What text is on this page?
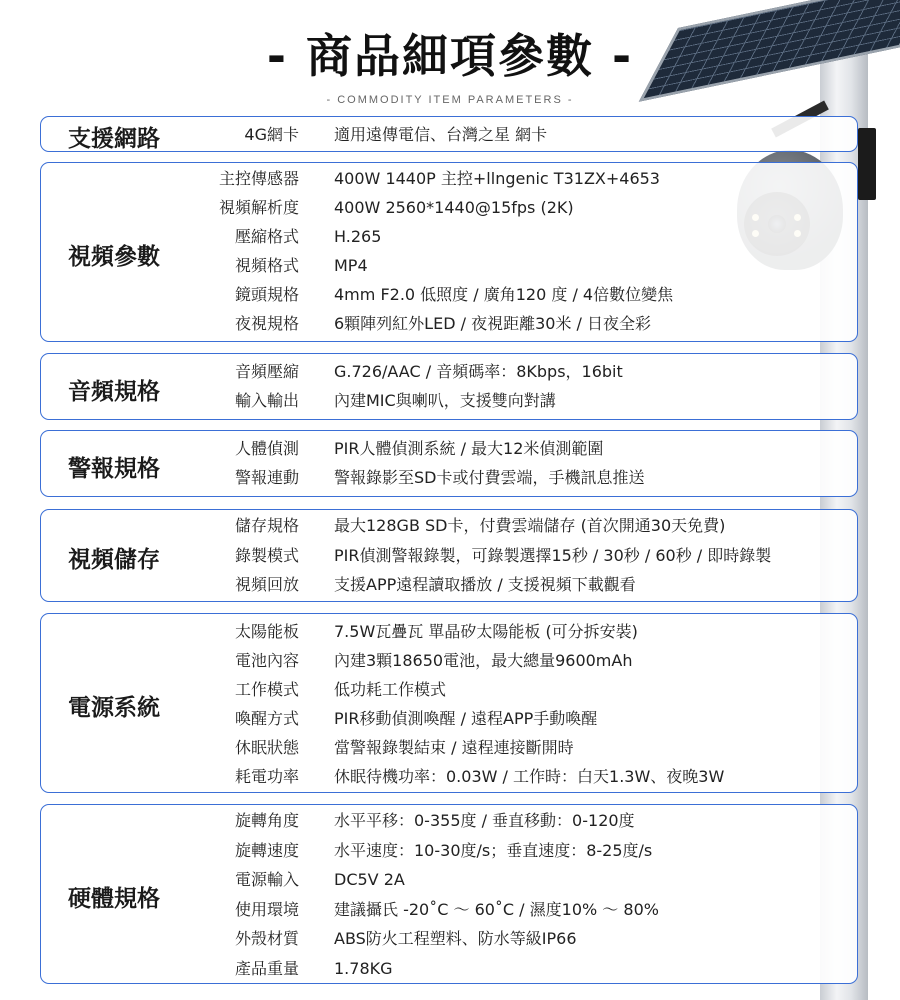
- 商品細項參數 -
- COMMODITY ITEM PARAMETERS -
支援網路	4G網卡 適用遠傳電信、台灣之星 網卡
視頻參數
主控傳感器 400W 1440P 主控+llngenic T31ZX+4653
視頻解析度 400W 2560*1440@15fps (2K)
壓縮格式 H.265
視頻格式 MP4
鏡頭規格 4mm F2.0 低照度 / 廣角120 度 / 4倍數位變焦
夜視規格 6顆陣列紅外LED / 夜視距離30米 / 日夜全彩
音頻規格
音頻壓縮 G.726/AAC / 音頻碼率：8Kbps，16bit
輸入輸出 內建MIC與喇叭，支援雙向對講
警報規格
人體偵測 PIR人體偵測系統 / 最大12米偵測範圍
警報連動 警報錄影至SD卡或付費雲端，手機訊息推送
視頻儲存
儲存規格 最大128GB SD卡，付費雲端儲存 (首次開通30天免費)
錄製模式 PIR偵測警報錄製，可錄製選擇15秒 / 30秒 / 60秒 / 即時錄製
視頻回放 支援APP遠程讀取播放 / 支援視頻下載觀看
電源系統
太陽能板 7.5W瓦疊瓦 單晶矽太陽能板 (可分拆安裝)
電池內容 內建3顆18650電池，最大總量9600mAh
工作模式 低功耗工作模式
喚醒方式 PIR移動偵測喚醒 / 遠程APP手動喚醒
休眠狀態 當警報錄製結束 / 遠程連接斷開時
耗電功率 休眠待機功率：0.03W / 工作時：白天1.3W、夜晚3W
硬體規格
旋轉角度 水平平移：0-355度 / 垂直移動：0-120度
旋轉速度 水平速度：10-30度/s；垂直速度：8-25度/s
電源輸入 DC5V 2A
使用環境 建議攝氏 -20˚C ～ 60˚C / 濕度10% ～ 80%
外殼材質 ABS防火工程塑料、防水等級IP66
產品重量 1.78KG
